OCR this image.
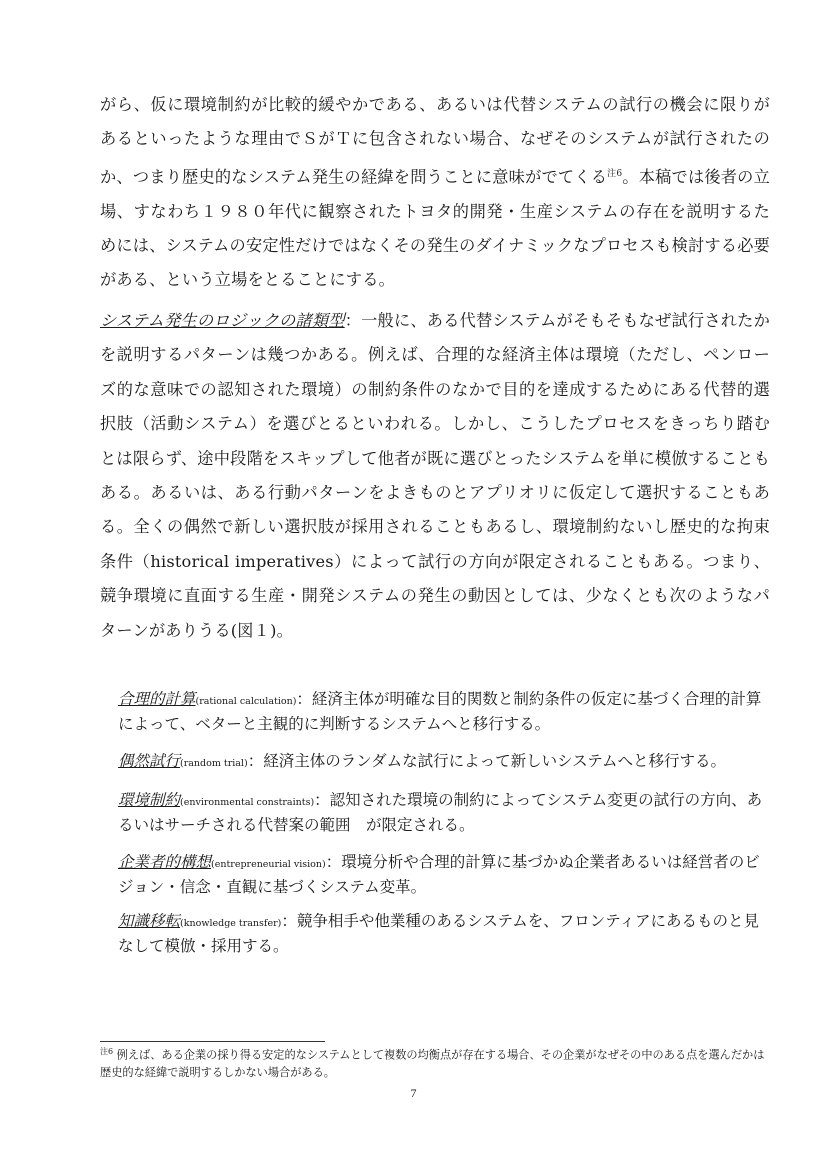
がら、仮に環境制約が比較的緩やかである、あるいは代替システムの試行の機会に限りがあるといったような理由でＳがＴに包含されない場合、なぜそのシステムが試行されたのか、つまり歴史的なシステム発生の経緯を問うことに意味がでてくる$^{注6}$。本稿では後者の立場、すなわち１９８０年代に観察されたトヨタ的開発・生産システムの存在を説明するためには、システムの安定性だけではなくその発生のダイナミックなプロセスも検討する必要がある、という立場をとることにする。

システム発生のロジックの諸類型：一般に、ある代替システムがそもそもなぜ試行されたかを説明するパターンは幾つかある。例えば、合理的な経済主体は環境（ただし、ペンローズ的な意味での認知された環境）の制約条件のなかで目的を達成するためにある代替的選択肢（活動システム）を選びとるといわれる。しかし、こうしたプロセスをきっちり踏むとは限らず、途中段階をスキップして他者が既に選びとったシステムを単に模倣することもある。あるいは、ある行動パターンをよきものとアプリオリに仮定して選択することもある。全くの偶然で新しい選択肢が採用されることもあるし、環境制約ないし歴史的な拘束条件（historical imperatives）によって試行の方向が限定されることもある。つまり、競争環境に直面する生産・開発システムの発生の動因としては、少なくとも次のようなパターンがありうる(図１)。

合理的計算(rational calculation)：経済主体が明確な目的関数と制約条件の仮定に基づく合理的計算によって、ベターと主観的に判断するシステムへと移行する。

偶然試行(random trial)：経済主体のランダムな試行によって新しいシステムへと移行する。

環境制約(environmental constraints)：認知された環境の制約によってシステム変更の試行の方向、あるいはサーチされる代替案の範囲　が限定される。

企業者的構想(entrepreneurial vision)：環境分析や合理的計算に基づかぬ企業者あるいは経営者のビジョン・信念・直観に基づくシステム変革。

知識移転(knowledge transfer)：競争相手や他業種のあるシステムを、フロンティアにあるものと見なして模倣・採用する。

$^{注6}$ 例えば、ある企業の採り得る安定的なシステムとして複数の均衡点が存在する場合、その企業がなぜその中のある点を選んだかは歴史的な経緯で説明するしかない場合がある。

7
